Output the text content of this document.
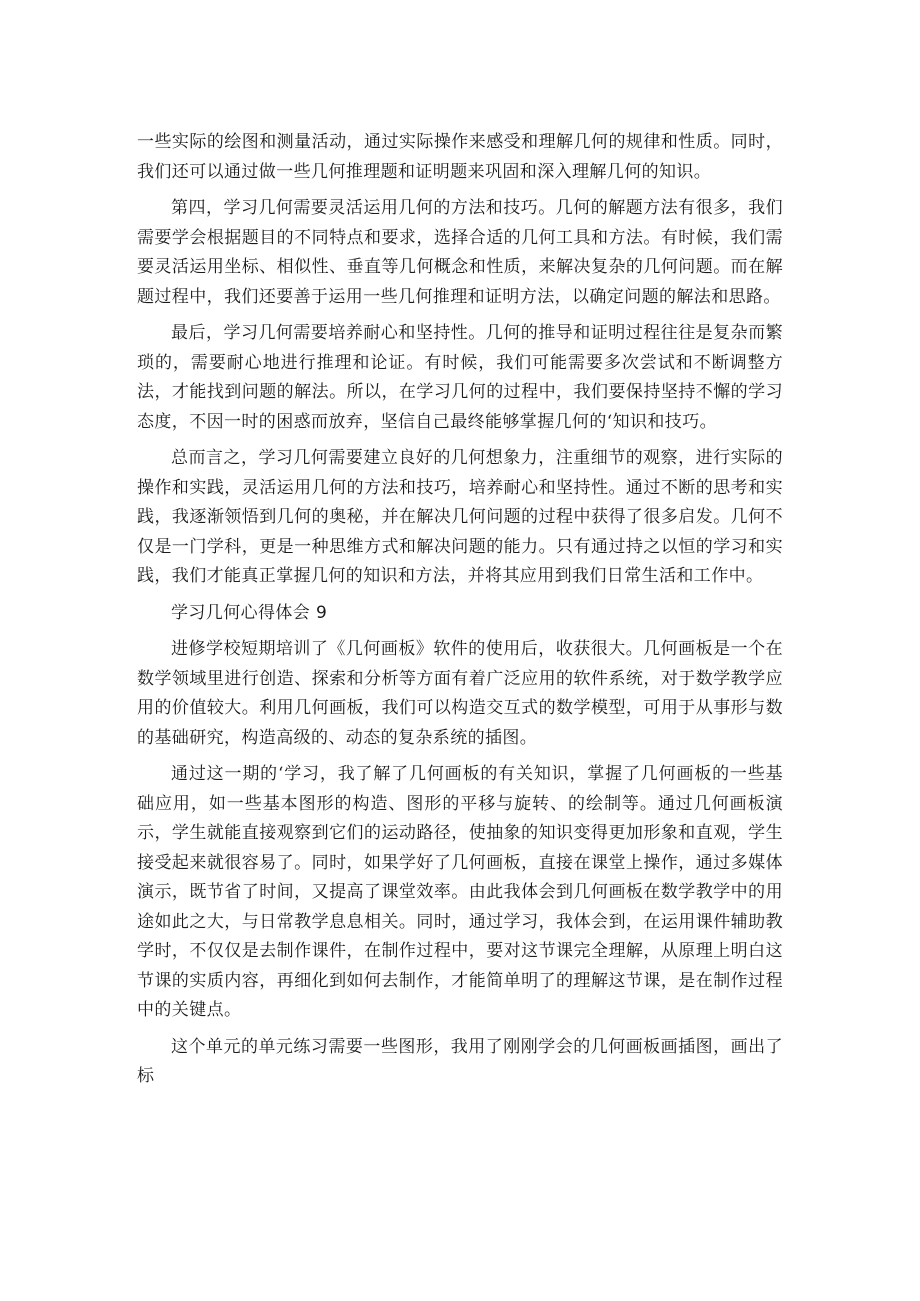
一些实际的绘图和测量活动，通过实际操作来感受和理解几何的规律和性质。同时，我们还可以通过做一些几何推理题和证明题来巩固和深入理解几何的知识。

第四，学习几何需要灵活运用几何的方法和技巧。几何的解题方法有很多，我们需要学会根据题目的不同特点和要求，选择合适的几何工具和方法。有时候，我们需要灵活运用坐标、相似性、垂直等几何概念和性质，来解决复杂的几何问题。而在解题过程中，我们还要善于运用一些几何推理和证明方法，以确定问题的解法和思路。

最后，学习几何需要培养耐心和坚持性。几何的推导和证明过程往往是复杂而繁琐的，需要耐心地进行推理和论证。有时候，我们可能需要多次尝试和不断调整方法，才能找到问题的解法。所以，在学习几何的过程中，我们要保持坚持不懈的学习态度，不因一时的困惑而放弃，坚信自己最终能够掌握几何的‘知识和技巧。

总而言之，学习几何需要建立良好的几何想象力，注重细节的观察，进行实际的操作和实践，灵活运用几何的方法和技巧，培养耐心和坚持性。通过不断的思考和实践，我逐渐领悟到几何的奥秘，并在解决几何问题的过程中获得了很多启发。几何不仅是一门学科，更是一种思维方式和解决问题的能力。只有通过持之以恒的学习和实践，我们才能真正掌握几何的知识和方法，并将其应用到我们日常生活和工作中。

学习几何心得体会 9

进修学校短期培训了《几何画板》软件的使用后，收获很大。几何画板是一个在数学领域里进行创造、探索和分析等方面有着广泛应用的软件系统，对于数学教学应用的价值较大。利用几何画板，我们可以构造交互式的数学模型，可用于从事形与数的基础研究，构造高级的、动态的复杂系统的插图。

通过这一期的‘学习，我了解了几何画板的有关知识，掌握了几何画板的一些基础应用，如一些基本图形的构造、图形的平移与旋转、的绘制等。通过几何画板演示，学生就能直接观察到它们的运动路径，使抽象的知识变得更加形象和直观，学生接受起来就很容易了。同时，如果学好了几何画板，直接在课堂上操作，通过多媒体演示，既节省了时间，又提高了课堂效率。由此我体会到几何画板在数学教学中的用途如此之大，与日常教学息息相关。同时，通过学习，我体会到，在运用课件辅助教学时，不仅仅是去制作课件，在制作过程中，要对这节课完全理解，从原理上明白这节课的实质内容，再细化到如何去制作，才能简单明了的理解这节课，是在制作过程中的关键点。

这个单元的单元练习需要一些图形，我用了刚刚学会的几何画板画插图，画出了标
